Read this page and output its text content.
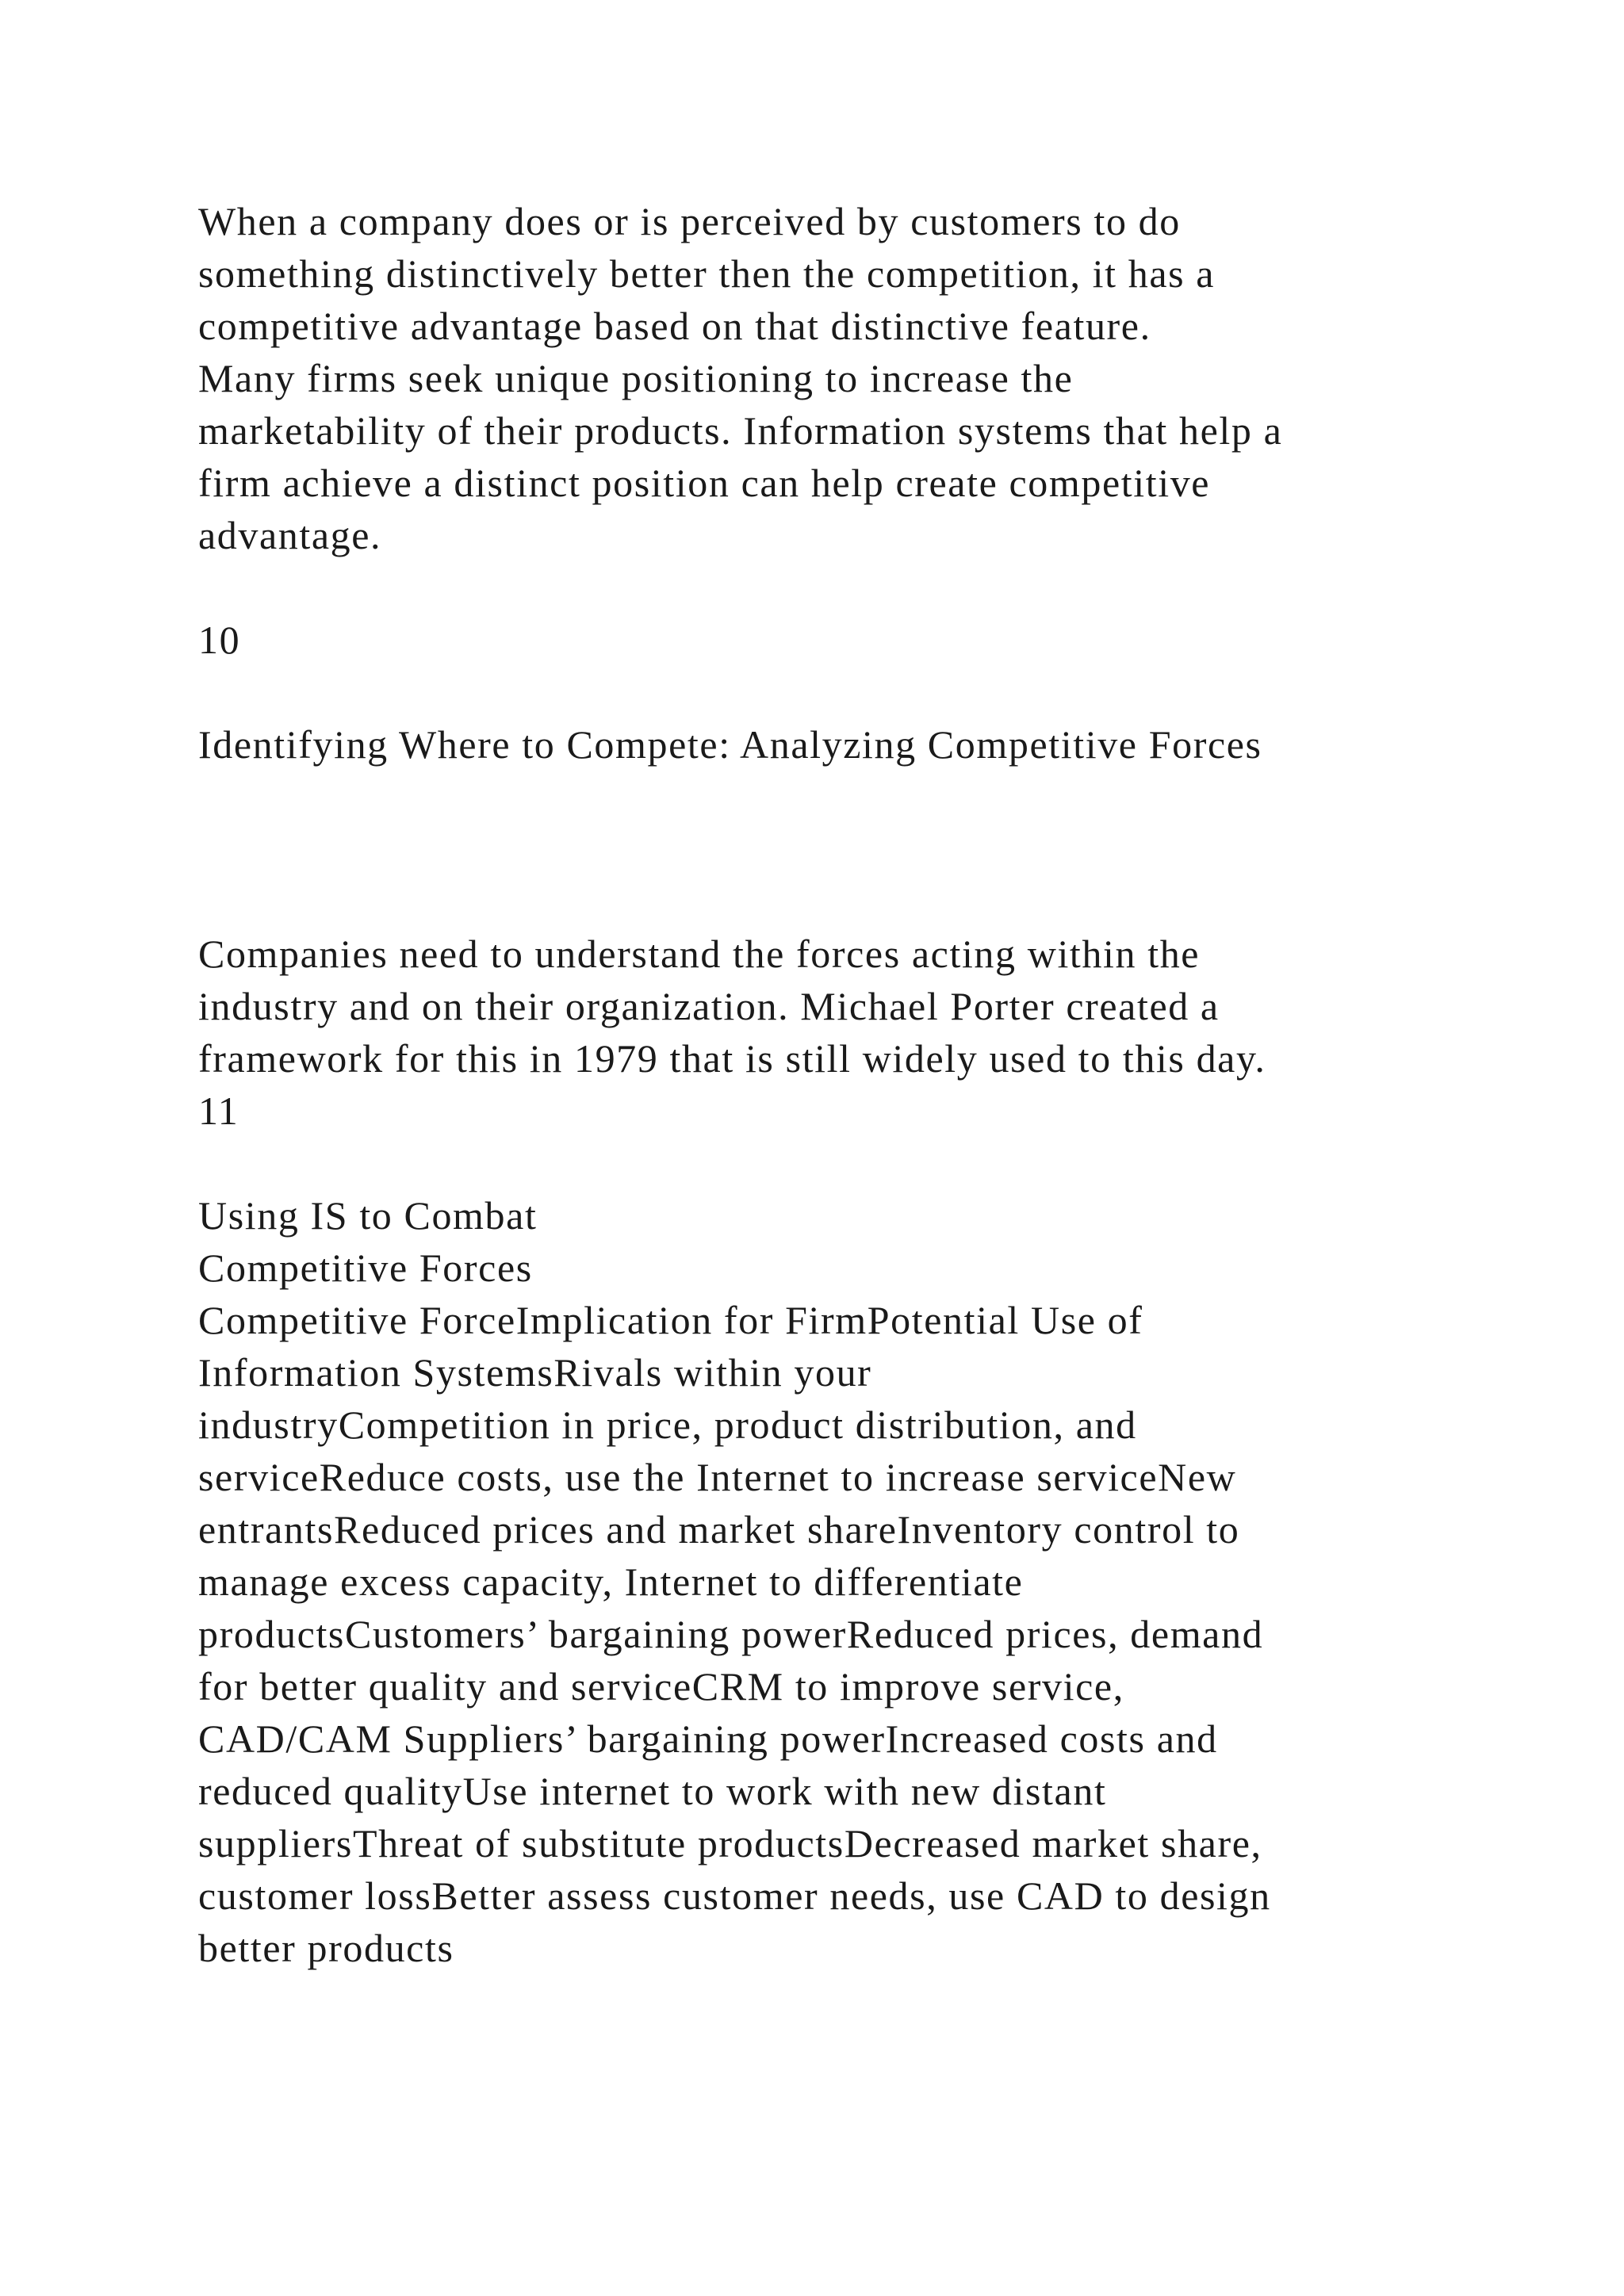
When a company does or is perceived by customers to do
something distinctively better then the competition, it has a
competitive advantage based on that distinctive feature.
Many firms seek unique positioning to increase the
marketability of their products. Information systems that help a
firm achieve a distinct position can help create competitive
advantage.
10
Identifying Where to Compete: Analyzing Competitive Forces
Companies need to understand the forces acting within the
industry and on their organization. Michael Porter created a
framework for this in 1979 that is still widely used to this day.
11
Using IS to Combat
Competitive Forces
Competitive ForceImplication for FirmPotential Use of
Information SystemsRivals within your
industryCompetition in price, product distribution, and
serviceReduce costs, use the Internet to increase serviceNew
entrantsReduced prices and market shareInventory control to
manage excess capacity, Internet to differentiate
productsCustomers’ bargaining powerReduced prices, demand
for better quality and serviceCRM to improve service,
CAD/CAM Suppliers’ bargaining powerIncreased costs and
reduced qualityUse internet to work with new distant
suppliersThreat of substitute productsDecreased market share,
customer lossBetter assess customer needs, use CAD to design
better products
